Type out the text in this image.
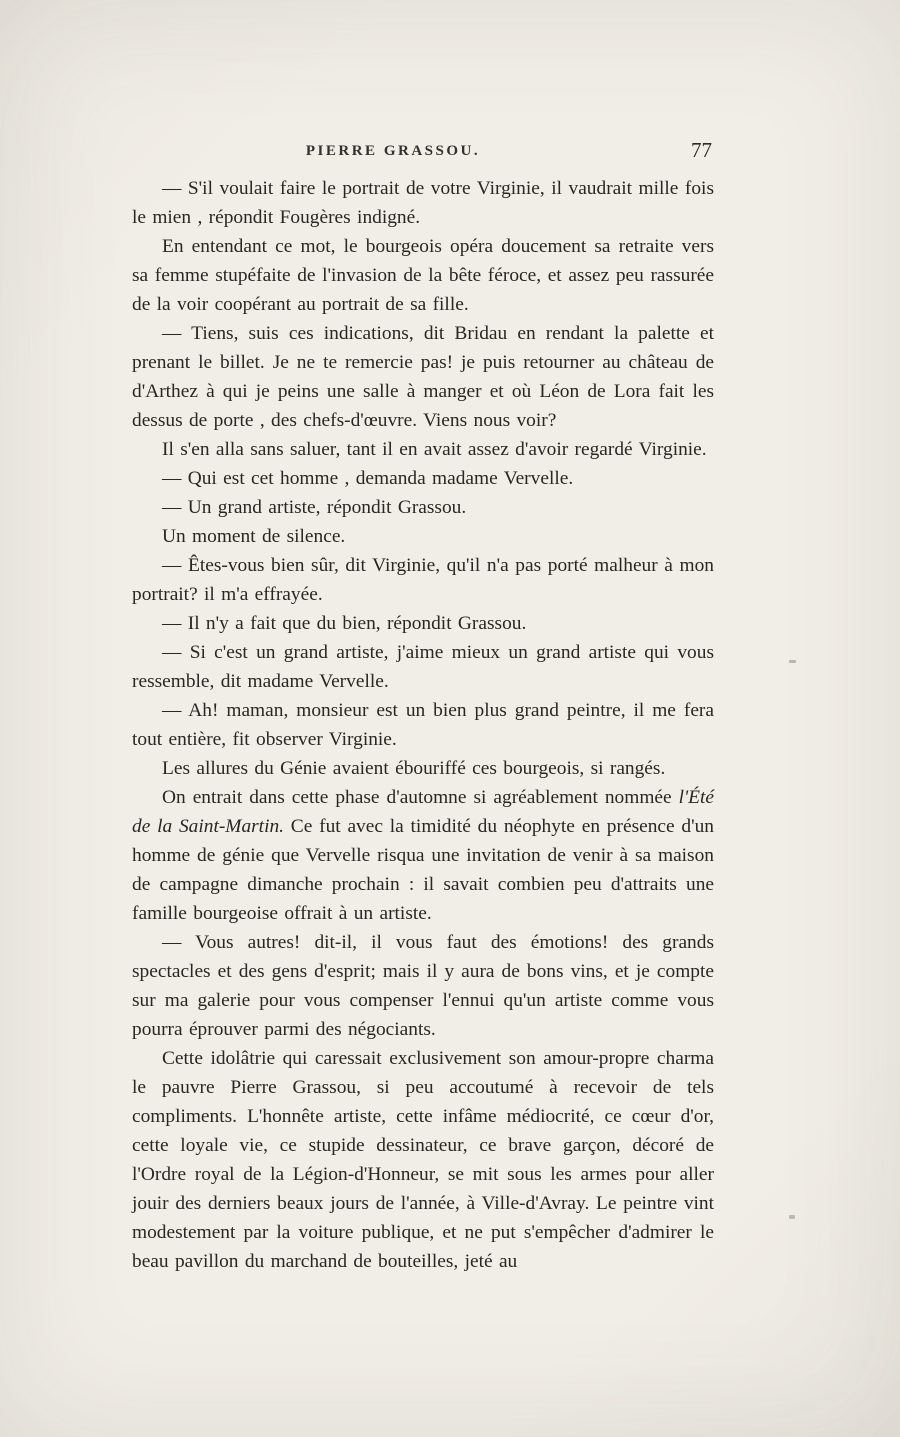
PIERRE GRASSOU.	77

— S'il voulait faire le portrait de votre Virginie, il vaudrait mille fois le mien , répondit Fougères indigné.

En entendant ce mot, le bourgeois opéra doucement sa retraite vers sa femme stupéfaite de l'invasion de la bête féroce, et assez peu rassurée de la voir coopérant au portrait de sa fille.

— Tiens, suis ces indications, dit Bridau en rendant la palette et prenant le billet. Je ne te remercie pas! je puis retourner au château de d'Arthez à qui je peins une salle à manger et où Léon de Lora fait les dessus de porte , des chefs-d'œuvre. Viens nous voir?

Il s'en alla sans saluer, tant il en avait assez d'avoir regardé Virginie.

— Qui est cet homme , demanda madame Vervelle.

— Un grand artiste, répondit Grassou.

Un moment de silence.

— Êtes-vous bien sûr, dit Virginie, qu'il n'a pas porté malheur à mon portrait? il m'a effrayée.

— Il n'y a fait que du bien, répondit Grassou.

— Si c'est un grand artiste, j'aime mieux un grand artiste qui vous ressemble, dit madame Vervelle.

— Ah! maman, monsieur est un bien plus grand peintre, il me fera tout entière, fit observer Virginie.

Les allures du Génie avaient ébouriffé ces bourgeois, si rangés.

On entrait dans cette phase d'automne si agréablement nommée l'Été de la Saint-Martin. Ce fut avec la timidité du néophyte en présence d'un homme de génie que Vervelle risqua une invitation de venir à sa maison de campagne dimanche prochain : il savait combien peu d'attraits une famille bourgeoise offrait à un artiste.

— Vous autres! dit-il, il vous faut des émotions! des grands spectacles et des gens d'esprit; mais il y aura de bons vins, et je compte sur ma galerie pour vous compenser l'ennui qu'un artiste comme vous pourra éprouver parmi des négociants.

Cette idolâtrie qui caressait exclusivement son amour-propre charma le pauvre Pierre Grassou, si peu accoutumé à recevoir de tels compliments. L'honnête artiste, cette infâme médiocrité, ce cœur d'or, cette loyale vie, ce stupide dessinateur, ce brave garçon, décoré de l'Ordre royal de la Légion-d'Honneur, se mit sous les armes pour aller jouir des derniers beaux jours de l'année, à Ville-d'Avray. Le peintre vint modestement par la voiture publique, et ne put s'empêcher d'admirer le beau pavillon du marchand de bouteilles, jeté au
